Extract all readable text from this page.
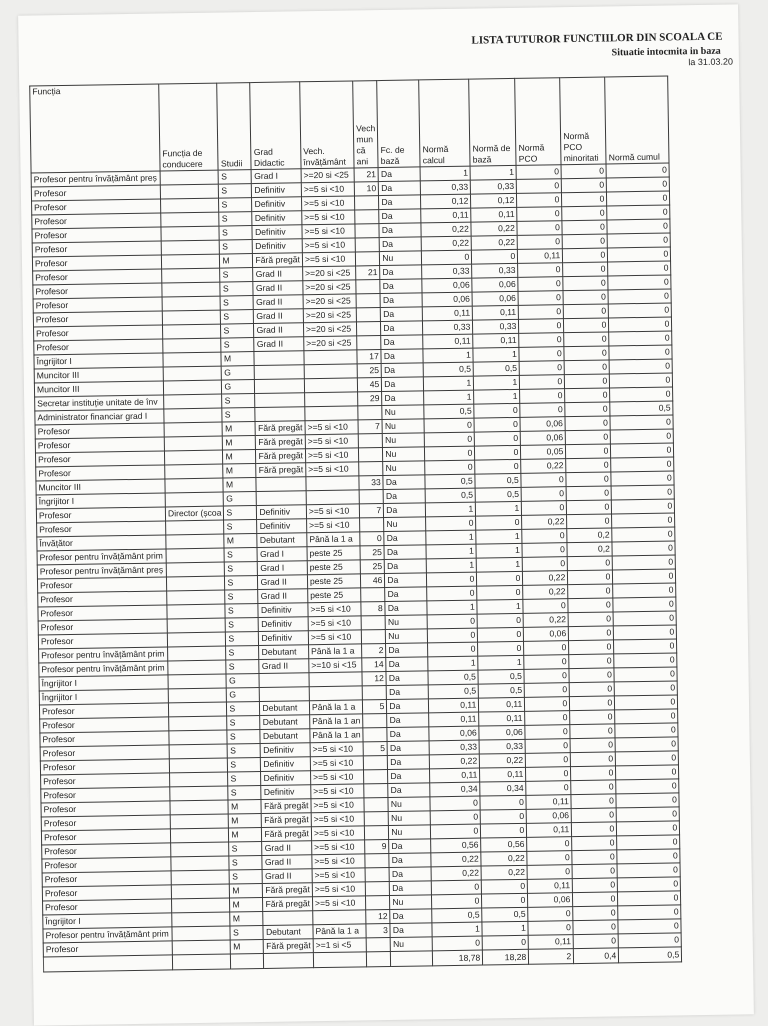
LISTA TUTUROR FUNCTIILOR DIN SCOALA CE
Situatie intocmita in baza
la 31.03.20
Funcția	Funcția de conducere	Studii	Grad Didactic	Vech. învățământ	Vech mun că ani	Fc. de bază	Normă calcul	Normă de bază	Normă PCO	Normă PCO minoritati	Normă cumul
Profesor pentru învățământ preș		S	Grad I	>=20 si <25	21	Da	1	1	0	0	0
Profesor		S	Definitiv	>=5 si <10	10	Da	0,33	0,33	0	0	0
Profesor		S	Definitiv	>=5 si <10		Da	0,12	0,12	0	0	0
Profesor		S	Definitiv	>=5 si <10		Da	0,11	0,11	0	0	0
Profesor		S	Definitiv	>=5 si <10		Da	0,22	0,22	0	0	0
Profesor		S	Definitiv	>=5 si <10		Da	0,22	0,22	0	0	0
Profesor		M	Fără pregăt	>=5 si <10		Nu	0	0	0,11	0	0
Profesor		S	Grad II	>=20 si <25	21	Da	0,33	0,33	0	0	0
Profesor		S	Grad II	>=20 si <25		Da	0,06	0,06	0	0	0
Profesor		S	Grad II	>=20 si <25		Da	0,06	0,06	0	0	0
Profesor		S	Grad II	>=20 si <25		Da	0,11	0,11	0	0	0
Profesor		S	Grad II	>=20 si <25		Da	0,33	0,33	0	0	0
Profesor		S	Grad II	>=20 si <25		Da	0,11	0,11	0	0	0
Îngrijitor I		M			17	Da	1	1	0	0	0
Muncitor III		G			25	Da	0,5	0,5	0	0	0
Muncitor III		G			45	Da	1	1	0	0	0
Secretar instituție unitate de înv		S			29	Da	1	1	0	0	0
Administrator financiar grad I		S				Nu	0,5	0	0	0	0,5
Profesor		M	Fără pregăt	>=5 si <10	7	Nu	0	0	0,06	0	0
Profesor		M	Fără pregăt	>=5 si <10		Nu	0	0	0,06	0	0
Profesor		M	Fără pregăt	>=5 si <10		Nu	0	0	0,05	0	0
Profesor		M	Fără pregăt	>=5 si <10		Nu	0	0	0,22	0	0
Muncitor III		M			33	Da	0,5	0,5	0	0	0
Îngrijitor I		G				Da	0,5	0,5	0	0	0
Profesor	Director (școa	S	Definitiv	>=5 si <10	7	Da	1	1	0	0	0
Profesor		S	Definitiv	>=5 si <10		Nu	0	0	0,22	0	0
Învățător		M	Debutant	Până la 1 a	0	Da	1	1	0	0,2	0
Profesor pentru învățământ prim		S	Grad I	peste 25	25	Da	1	1	0	0,2	0
Profesor pentru învățământ preș		S	Grad I	peste 25	25	Da	1	1	0	0	0
Profesor		S	Grad II	peste 25	46	Da	0	0	0,22	0	0
Profesor		S	Grad II	peste 25		Da	0	0	0,22	0	0
Profesor		S	Definitiv	>=5 si <10	8	Da	1	1	0	0	0
Profesor		S	Definitiv	>=5 si <10		Nu	0	0	0,22	0	0
Profesor		S	Definitiv	>=5 si <10		Nu	0	0	0,06	0	0
Profesor pentru învățământ prim		S	Debutant	Până la 1 a	2	Da	0	0	0	0	0
Profesor pentru învățământ prim		S	Grad II	>=10 si <15	14	Da	1	1	0	0	0
Îngrijitor I		G			12	Da	0,5	0,5	0	0	0
Îngrijitor I		G				Da	0,5	0,5	0	0	0
Profesor		S	Debutant	Până la 1 a	5	Da	0,11	0,11	0	0	0
Profesor		S	Debutant	Până la 1 an		Da	0,11	0,11	0	0	0
Profesor		S	Debutant	Până la 1 an		Da	0,06	0,06	0	0	0
Profesor		S	Definitiv	>=5 si <10	5	Da	0,33	0,33	0	0	0
Profesor		S	Definitiv	>=5 si <10		Da	0,22	0,22	0	0	0
Profesor		S	Definitiv	>=5 si <10		Da	0,11	0,11	0	0	0
Profesor		S	Definitiv	>=5 si <10		Da	0,34	0,34	0	0	0
Profesor		M	Fără pregăt	>=5 si <10		Nu	0	0	0,11	0	0
Profesor		M	Fără pregăt	>=5 si <10		Nu	0	0	0,06	0	0
Profesor		M	Fără pregăt	>=5 si <10		Nu	0	0	0,11	0	0
Profesor		S	Grad II	>=5 si <10	9	Da	0,56	0,56	0	0	0
Profesor		S	Grad II	>=5 si <10		Da	0,22	0,22	0	0	0
Profesor		S	Grad II	>=5 si <10		Da	0,22	0,22	0	0	0
Profesor		M	Fără pregăt	>=5 si <10		Da	0	0	0,11	0	0
Profesor		M	Fără pregăt	>=5 si <10		Nu	0	0	0,06	0	0
Îngrijitor I		M			12	Da	0,5	0,5	0	0	0
Profesor pentru învățământ prim		S	Debutant	Până la 1 a	3	Da	1	1	0	0	0
Profesor		M	Fără pregăt	>=1 si <5		Nu	0	0	0,11	0	0
							18,78	18,28	2	0,4	0,5
